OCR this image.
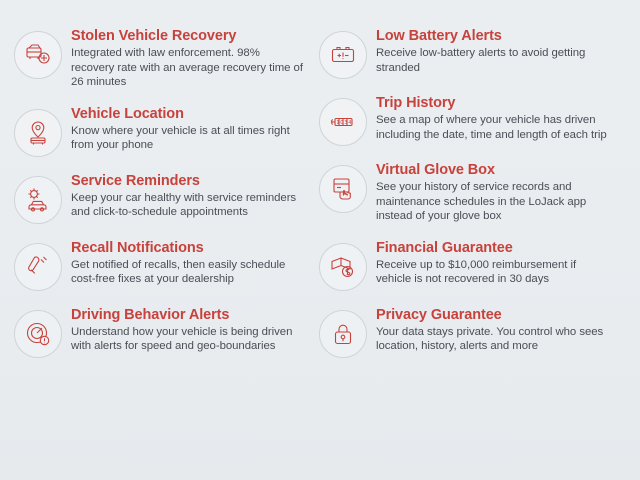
Stolen Vehicle Recovery

Integrated with law enforcement. 98% recovery rate with an average recovery time of 26 minutes

Vehicle Location

Know where your vehicle is at all times right from your phone

Service Reminders

Keep your car healthy with service reminders and click-to-schedule appointments

Recall Notifications

Get notified of recalls, then easily schedule cost-free fixes at your dealership

Driving Behavior Alerts

Understand how your vehicle is being driven with alerts for speed and geo-boundaries

Low Battery Alerts

Receive low-battery alerts to avoid getting stranded

1 0 3 4

Trip History

See a map of where your vehicle has driven including the date, time and length of each trip

Virtual Glove Box

See your history of service records and maintenance schedules in the LoJack app instead of your glove box

Financial Guarantee

Receive up to $10,000 reimbursement if vehicle is not recovered in 30 days

Privacy Guarantee

Your data stays private. You control who sees location, history, alerts and more
